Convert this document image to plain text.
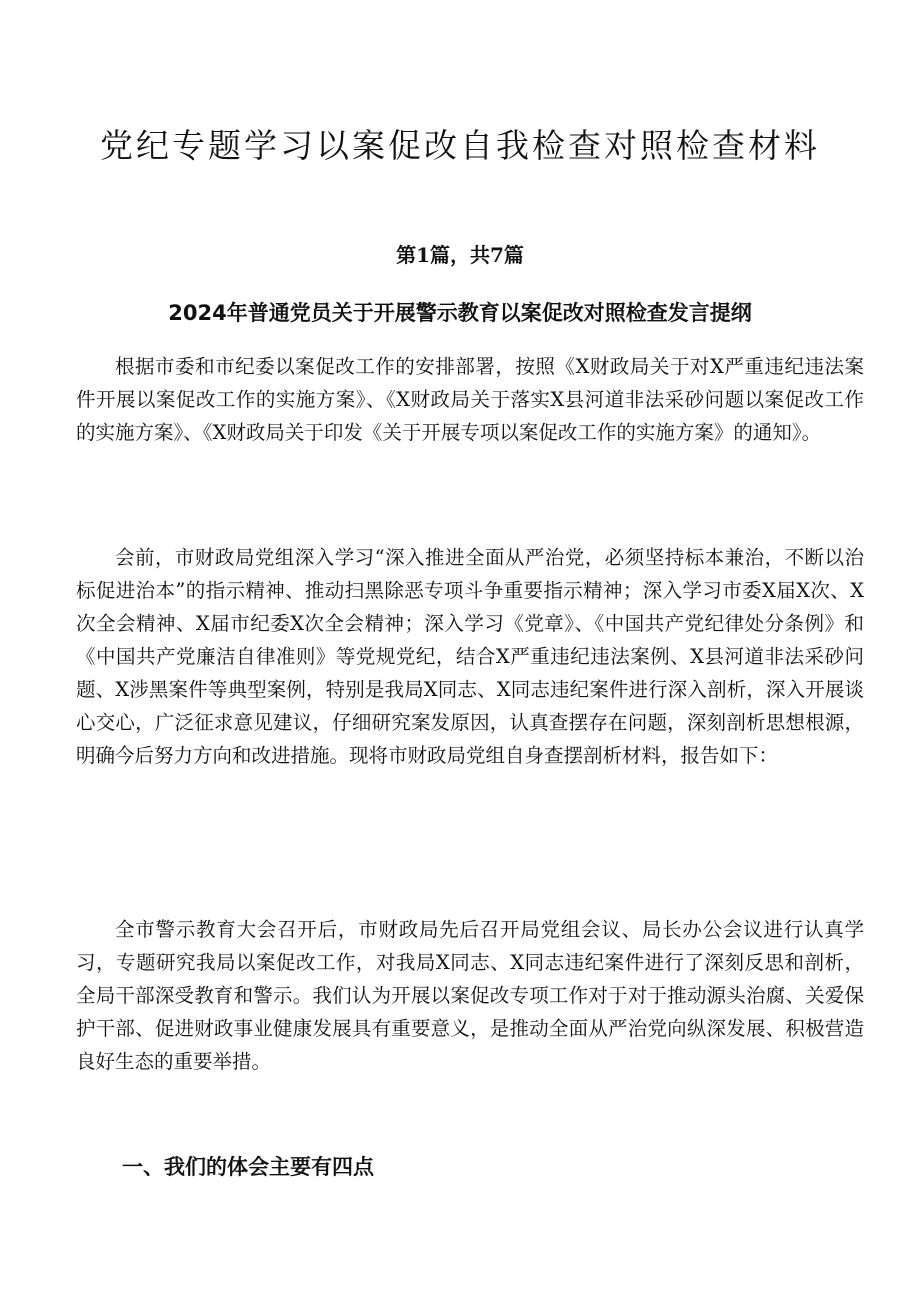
党纪专题学习以案促改自我检查对照检查材料

第1篇，共7篇

2024年普通党员关于开展警示教育以案促改对照检查发言提纲

根据市委和市纪委以案促改工作的安排部署，按照《X财政局关于对X严重违纪违法案件开展以案促改工作的实施方案》、《X财政局关于落实X县河道非法采砂问题以案促改工作的实施方案》、《X财政局关于印发《关于开展专项以案促改工作的实施方案》的通知》。

会前，市财政局党组深入学习“深入推进全面从严治党，必须坚持标本兼治，不断以治标促进治本”的指示精神、推动扫黑除恶专项斗争重要指示精神；深入学习市委X届X次、X次全会精神、X届市纪委X次全会精神；深入学习《党章》、《中国共产党纪律处分条例》和《中国共产党廉洁自律准则》等党规党纪，结合X严重违纪违法案例、X县河道非法采砂问题、X涉黑案件等典型案例，特别是我局X同志、X同志违纪案件进行深入剖析，深入开展谈心交心，广泛征求意见建议，仔细研究案发原因，认真查摆存在问题，深刻剖析思想根源，明确今后努力方向和改进措施。现将市财政局党组自身查摆剖析材料，报告如下：

全市警示教育大会召开后，市财政局先后召开局党组会议、局长办公会议进行认真学习，专题研究我局以案促改工作，对我局X同志、X同志违纪案件进行了深刻反思和剖析，全局干部深受教育和警示。我们认为开展以案促改专项工作对于对于推动源头治腐、关爱保护干部、促进财政事业健康发展具有重要意义，是推动全面从严治党向纵深发展、积极营造良好生态的重要举措。

一、我们的体会主要有四点
